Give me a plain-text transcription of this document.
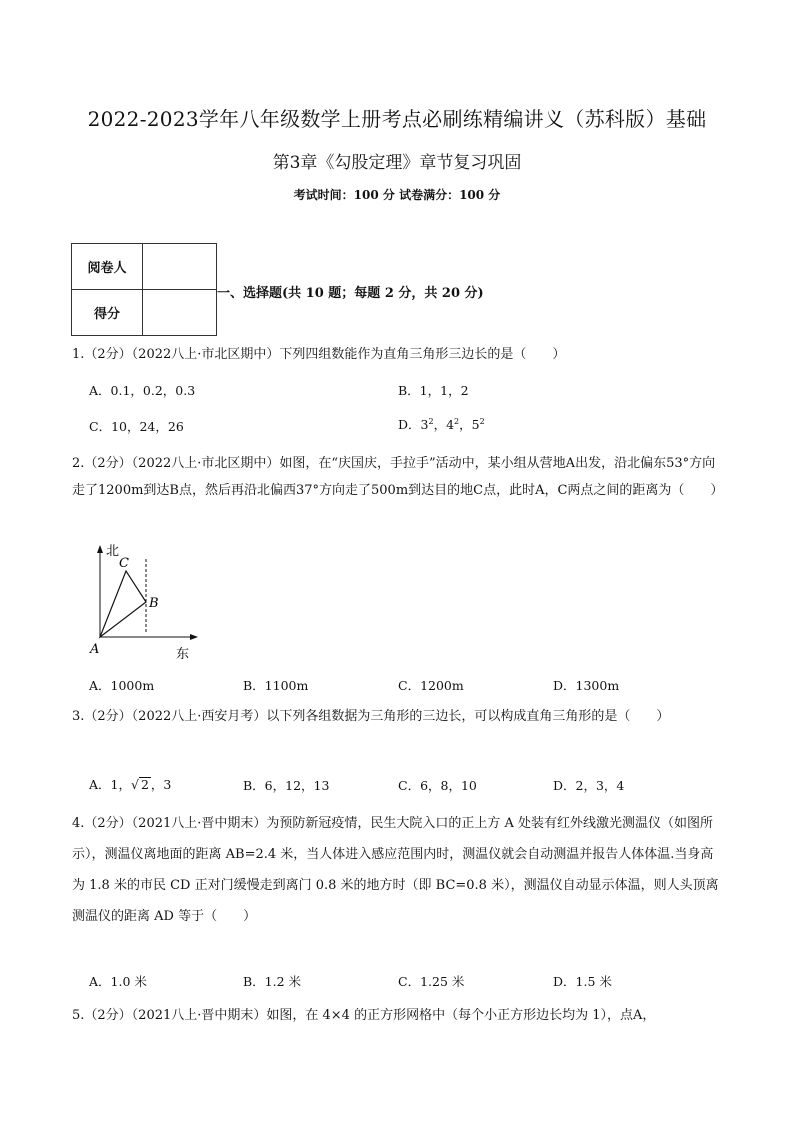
2022-2023学年八年级数学上册考点必刷练精编讲义（苏科版）基础
第3章《勾股定理》章节复习巩固
考试时间：100 分 试卷满分：100 分
阅卷人	
得分	
一、选择题(共 10 题；每题 2 分，共 20 分)
1.（2分）（2022八上·市北区期中）下列四组数能作为直角三角形三边长的是（　　）
A．0.1，0.2，0.3	B．1，1，2
C．10，24，26	D．$3^2$，$4^2$，$5^2$
2.（2分）（2022八上·市北区期中）如图，在“庆国庆，手拉手”活动中，某小组从营地A出发，沿北偏东53°方向走了1200m到达B点，然后再沿北偏西37°方向走了500m到达目的地C点，此时A，C两点之间的距离为（　　）
北
东
A
B
C
A．1000m	B．1100m	C．1200m	D．1300m
3.（2分）（2022八上·西安月考）以下列各组数据为三角形的三边长，可以构成直角三角形的是（　　）
A．1，√ 2 ，3	B．6，12，13	C．6，8，10	D．2，3，4
4.（2分）（2021八上·晋中期末）为预防新冠疫情，民生大院入口的正上方 A 处装有红外线激光测温仪（如图所示），测温仪离地面的距离 AB=2.4 米，当人体进入感应范围内时，测温仪就会自动测温并报告人体体温.当身高为 1.8 米的市民 CD 正对门缓慢走到离门 0.8 米的地方时（即 BC=0.8 米），测温仪自动显示体温，则人头顶离测温仪的距离 AD 等于（　　）
A．1.0 米	B．1.2 米	C．1.25 米	D．1.5 米
5.（2分）（2021八上·晋中期末）如图，在 4×4 的正方形网格中（每个小正方形边长均为 1），点A，
